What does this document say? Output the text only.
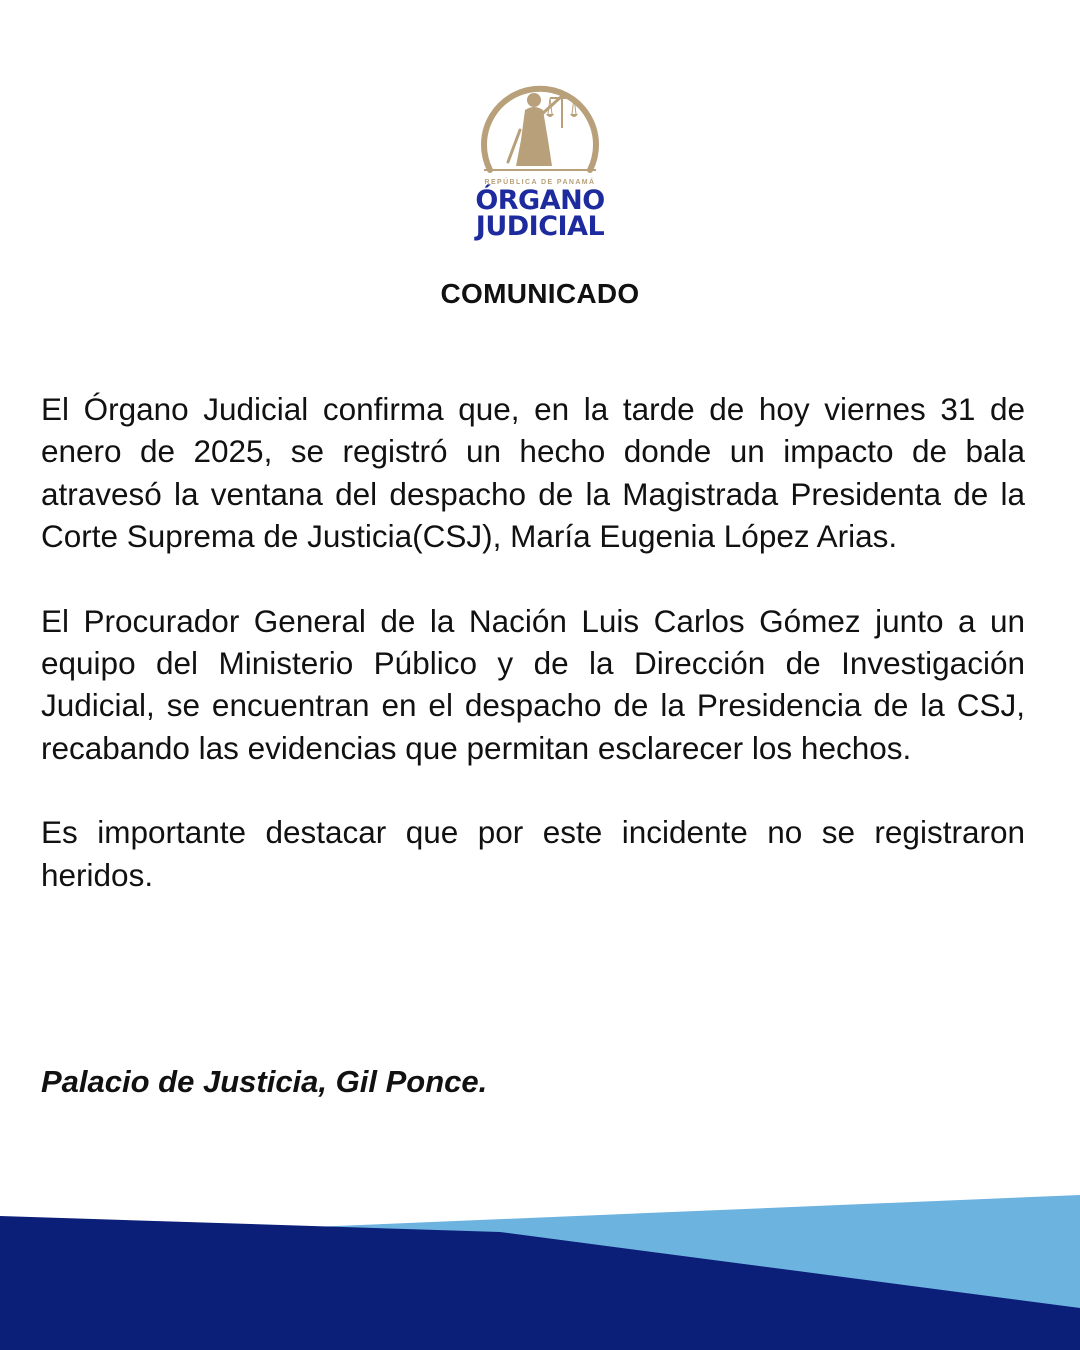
REPÚBLICA DE PANAMÁ
ÓRGANO
JUDICIAL
COMUNICADO

El Órgano Judicial confirma que, en la tarde de hoy viernes 31 de enero de 2025, se registró un hecho donde un impacto de bala atravesó la ventana del despacho de la Magistrada Presidenta de la Corte Suprema de Justicia(CSJ), María Eugenia López Arias.

El Procurador General de la Nación Luis Carlos Gómez junto a un equipo del Ministerio Público y de la Dirección de Investigación Judicial, se encuentran en el despacho de la Presidencia de la CSJ, recabando las evidencias que permitan esclarecer los hechos.

Es importante destacar que por este incidente no se registraron heridos.

Palacio de Justicia, Gil Ponce.
